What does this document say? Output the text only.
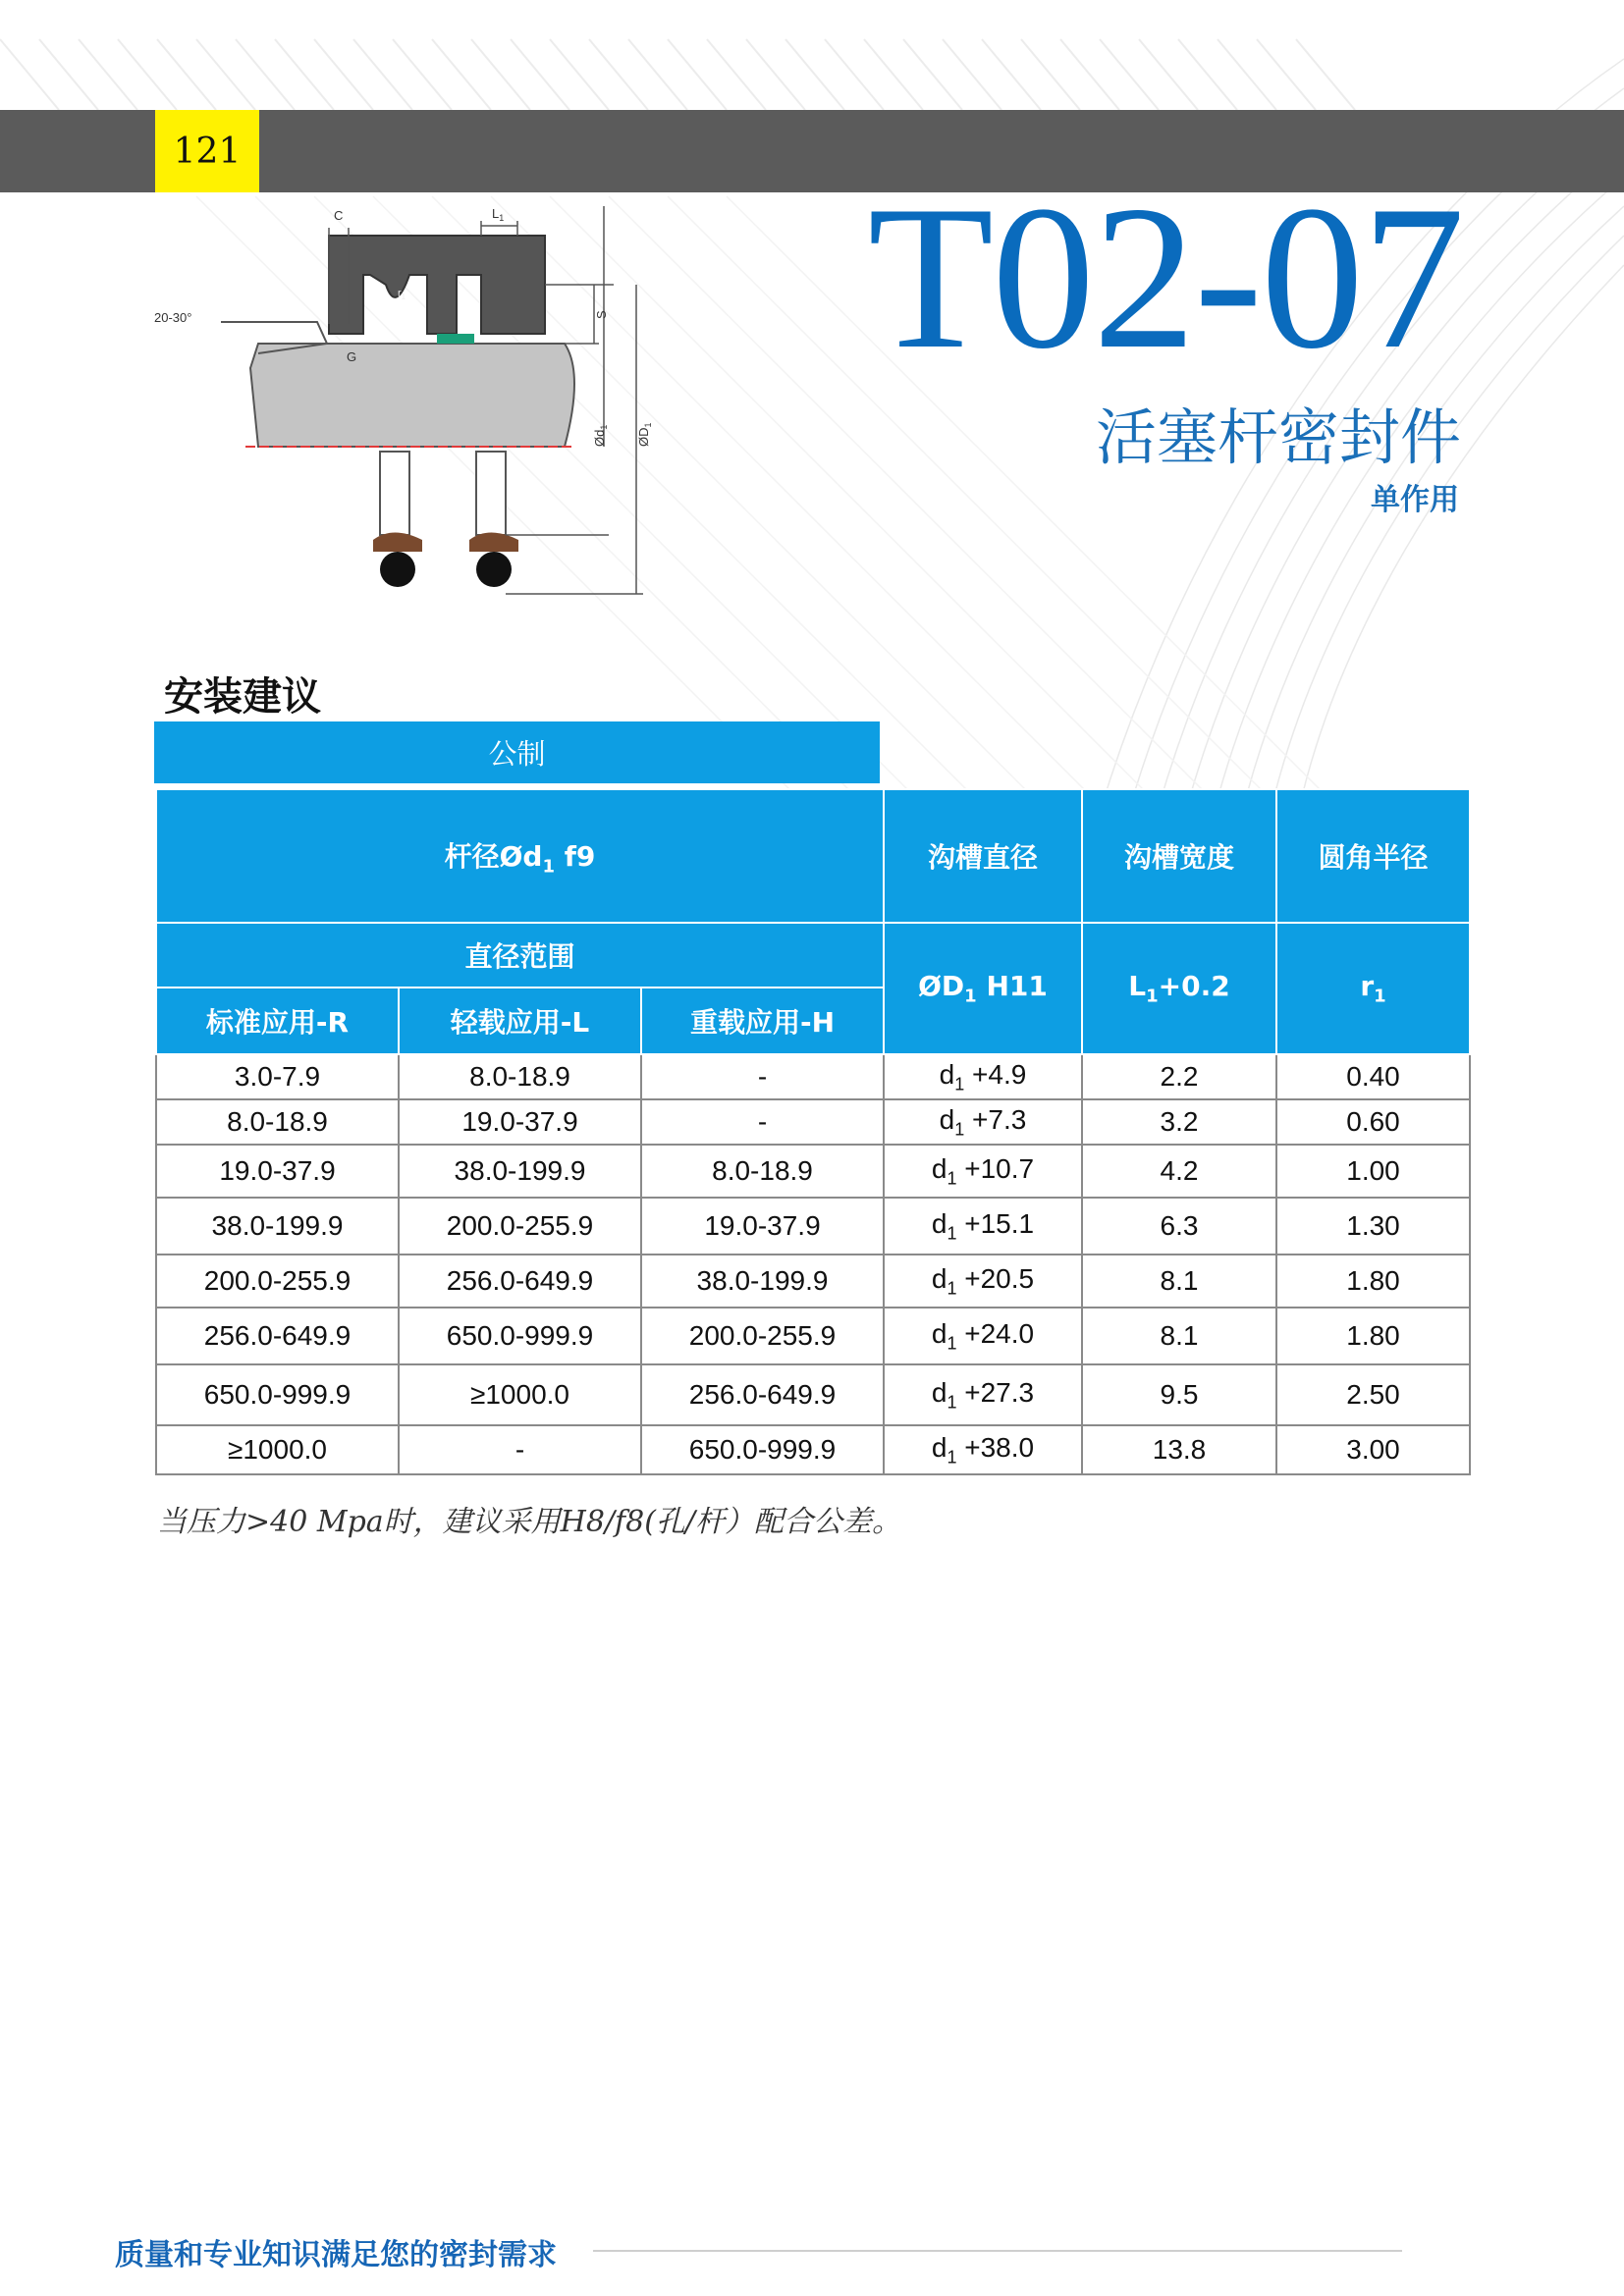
121
T02-07
活塞杆密封件
单作用
C	$L_1$
20-30°
$r_1$
G
S
$Ød_1$
$ØD_1$
安装建议
公制
杆径$Ød_1$ f9			沟槽直径	沟槽宽度	圆角半径
直径范围			$ØD_1$ H11	$L_1+0.2$	$r_1$
标准应用-R	轻载应用-L	重载应用-H			
3.0-7.9	8.0-18.9	-	$d_1 +4.9$	2.2	0.40
8.0-18.9	19.0-37.9	-	$d_1 +7.3$	3.2	0.60
19.0-37.9	38.0-199.9	8.0-18.9	$d_1 +10.7$	4.2	1.00
38.0-199.9	200.0-255.9	19.0-37.9	$d_1 +15.1$	6.3	1.30
200.0-255.9	256.0-649.9	38.0-199.9	$d_1 +20.5$	8.1	1.80
256.0-649.9	650.0-999.9	200.0-255.9	$d_1 +24.0$	8.1	1.80
650.0-999.9	≥1000.0	256.0-649.9	$d_1 +27.3$	9.5	2.50
≥1000.0	-	650.0-999.9	$d_1 +38.0$	13.8	3.00
当压力>40 Mpa时，建议采用H8/f8(孔/杆）配合公差。
质量和专业知识满足您的密封需求
